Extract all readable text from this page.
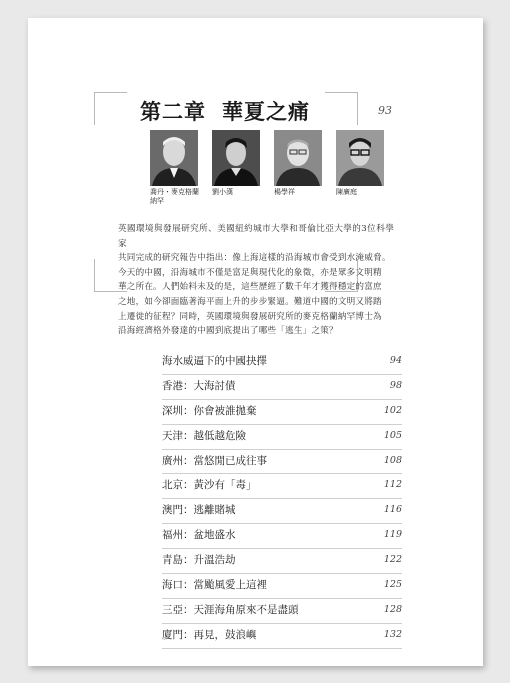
第二章 華夏之痛	93
喬丹・麥克格蘭納罕
劉小漢	楊學祥	陳廣庭
英國環境與發展研究所、美國紐約城市大學和哥倫比亞大學的3位科學家
共同完成的研究報告中指出：像上海這樣的沿海城市會受到水淹威脅。
今天的中國，沿海城市不僅是富足與現代化的象徵，亦是眾多文明精
華之所在。人們始料未及的是，這些歷經了數千年才獲得穩定的富庶
之地，如今卻面臨著海平面上升的步步緊逼。難道中國的文明又將踏
上遷徙的征程？同時，英國環境與發展研究所的麥克格蘭納罕博士為
沿海經濟格外發達的中國到底提出了哪些「逃生」之策？
海水威逼下的中國抉擇	94
香港：大海討債	98
深圳：你會被誰拋棄	102
天津：越低越危險	105
廣州：當悠閒已成往事	108
北京：黃沙有「毒」	112
澳門：逃離賭城	116
福州：盆地盛水	119
青島：升溫浩劫	122
海口：當颱風愛上這裡	125
三亞：天涯海角原來不是盡頭	128
廈門：再見，鼓浪嶼	132
